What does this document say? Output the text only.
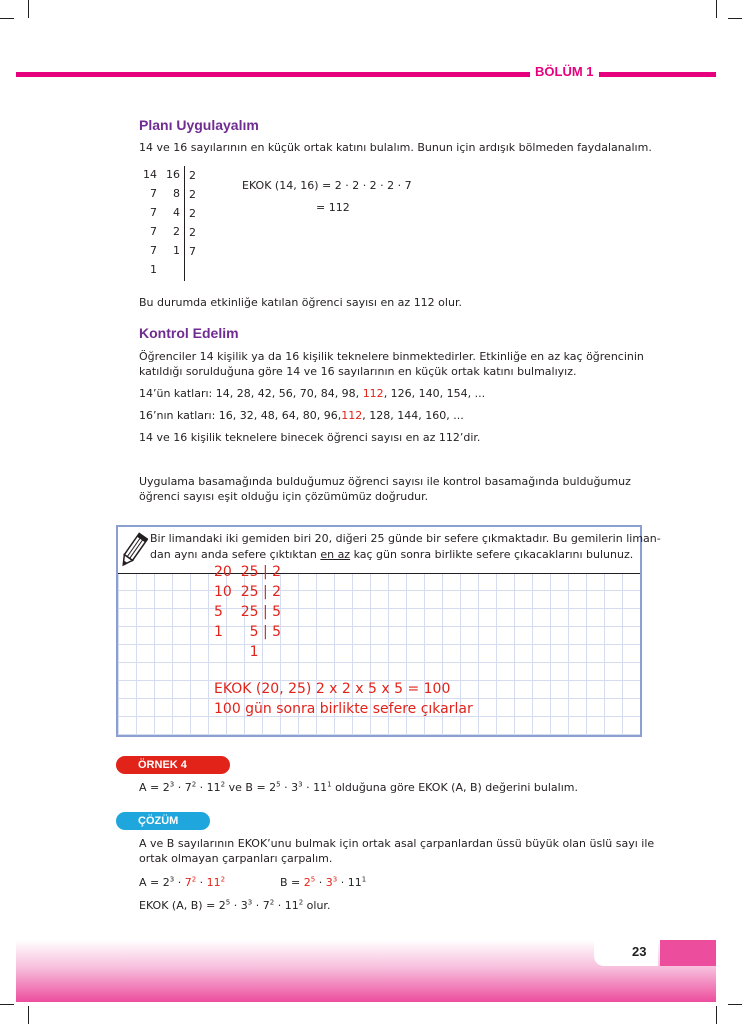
BÖLÜM 1
Planı Uygulayalım
14 ve 16 sayılarının en küçük ortak katını bulalım. Bunun için ardışık bölmeden faydalanalım.
14 16 2
7	8 2
7	4 2
7	2 2
7	1 7
1
EKOK (14, 16) = 2 · 2 · 2 · 2 · 7
= 112
Bu durumda etkinliğe katılan öğrenci sayısı en az 112 olur.
Kontrol Edelim
Öğrenciler 14 kişilik ya da 16 kişilik teknelere binmektedirler. Etkinliğe en az kaç öğrencinin
katıldığı sorulduğuna göre 14 ve 16 sayılarının en küçük ortak katını bulmalıyız.
14’ün katları: 14, 28, 42, 56, 70, 84, 98, 112, 126, 140, 154, ...
16’nın katları: 16, 32, 48, 64, 80, 96,112, 128, 144, 160, ...
14 ve 16 kişilik teknelere binecek öğrenci sayısı en az 112’dir.
Uygulama basamağında bulduğumuz öğrenci sayısı ile kontrol basamağında bulduğumuz
öğrenci sayısı eşit olduğu için çözümümüz doğrudur.
Bir limandaki iki gemiden biri 20, diğeri 25 günde bir sefere çıkmaktadır. Bu gemilerin liman-
dan aynı anda sefere çıktıktan en az kaç gün sonra birlikte sefere çıkacaklarını bulunuz.
20  25 | 2
10  25 | 2
5    25 | 5
1      5 | 5
1
EKOK (20, 25) 2 x 2 x 5 x 5 = 100
100 gün sonra birlikte sefere çıkarlar
ÖRNEK 4
$A = 2^3 \cdot 7^2 \cdot 11^2$ ve $B = 2^5 \cdot 3^3 \cdot 11^1$ olduğuna göre EKOK (A, B) değerini bulalım.
ÇÖZÜM
A ve B sayılarının EKOK’unu bulmak için ortak asal çarpanlardan üssü büyük olan üslü sayı ile
ortak olmayan çarpanları çarpalım.
$A = 2^3 \cdot 7^2 \cdot 11^2$	$B = 2^5 \cdot 3^3 \cdot 11^1$
EKOK (A, $B) = 2^5 \cdot 3^3 \cdot 7^2 \cdot 11^2$ olur.
23
